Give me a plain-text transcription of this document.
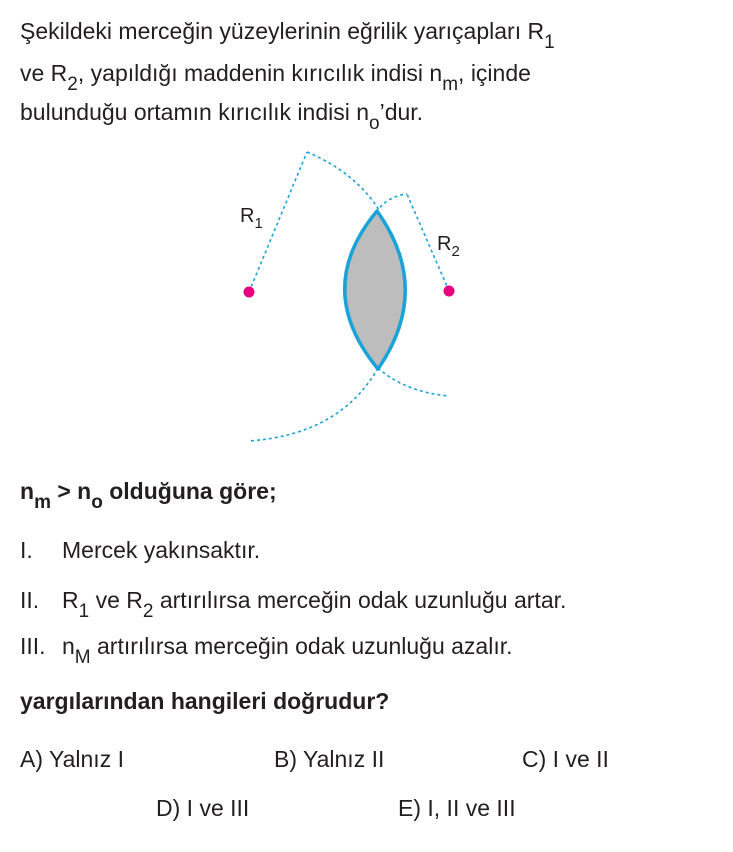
Şekildeki merceğin yüzeylerinin eğrilik yarıçapları $R_1$
ve $R_2$, yapıldığı maddenin kırıcılık indisi $n_m$, içinde
bulunduğu ortamın kırıcılık indisi $n_o’dur$.
$R_1$
$R_2$
$n_m > n_o$ olduğuna göre;
I. Mercek yakınsaktır.
II. $R_1$ ve $R_2$ artırılırsa merceğin odak uzunluğu artar.
III. $n_M$ artırılırsa merceğin odak uzunluğu azalır.
yargılarından hangileri doğrudur?
A) Yalnız I	B) Yalnız II	C) I ve II
D) I ve III	E) I, II ve III
